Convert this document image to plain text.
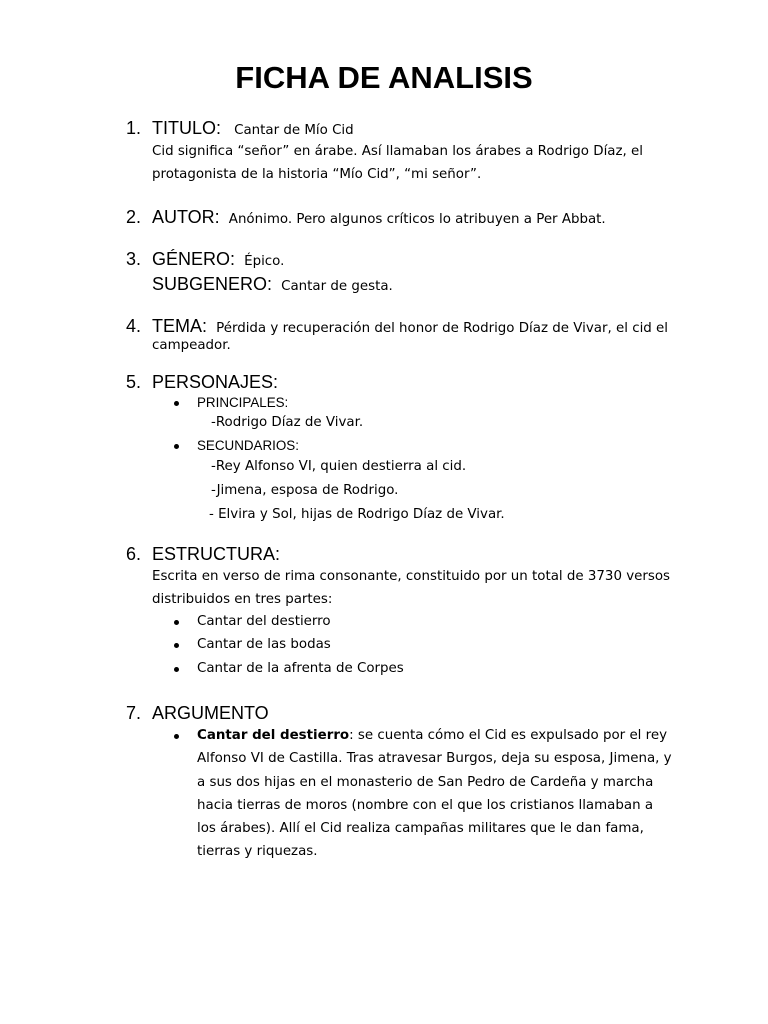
FICHA DE ANALISIS
1. TITULO: Cantar de Mío Cid
Cid significa “señor” en árabe. Así llamaban los árabes a Rodrigo Díaz, el
protagonista de la historia “Mío Cid”, “mi señor”.
2. AUTOR: Anónimo. Pero algunos críticos lo atribuyen a Per Abbat.
3. GÉNERO: Épico.
SUBGENERO: Cantar de gesta.
4. TEMA: Pérdida y recuperación del honor de Rodrigo Díaz de Vivar, el cid el
campeador.
5. PERSONAJES:
PRINCIPALES:
-Rodrigo Díaz de Vivar.
SECUNDARIOS:
-Rey Alfonso VI, quien destierra al cid.
-Jimena, esposa de Rodrigo.
- Elvira y Sol, hijas de Rodrigo Díaz de Vivar.
6. ESTRUCTURA:
Escrita en verso de rima consonante, constituido por un total de 3730 versos
distribuidos en tres partes:
Cantar del destierro
Cantar de las bodas
Cantar de la afrenta de Corpes
7. ARGUMENTO
Cantar del destierro: se cuenta cómo el Cid es expulsado por el rey
Alfonso VI de Castilla. Tras atravesar Burgos, deja su esposa, Jimena, y
a sus dos hijas en el monasterio de San Pedro de Cardeña y marcha
hacia tierras de moros (nombre con el que los cristianos llamaban a
los árabes). Allí el Cid realiza campañas militares que le dan fama,
tierras y riquezas.
